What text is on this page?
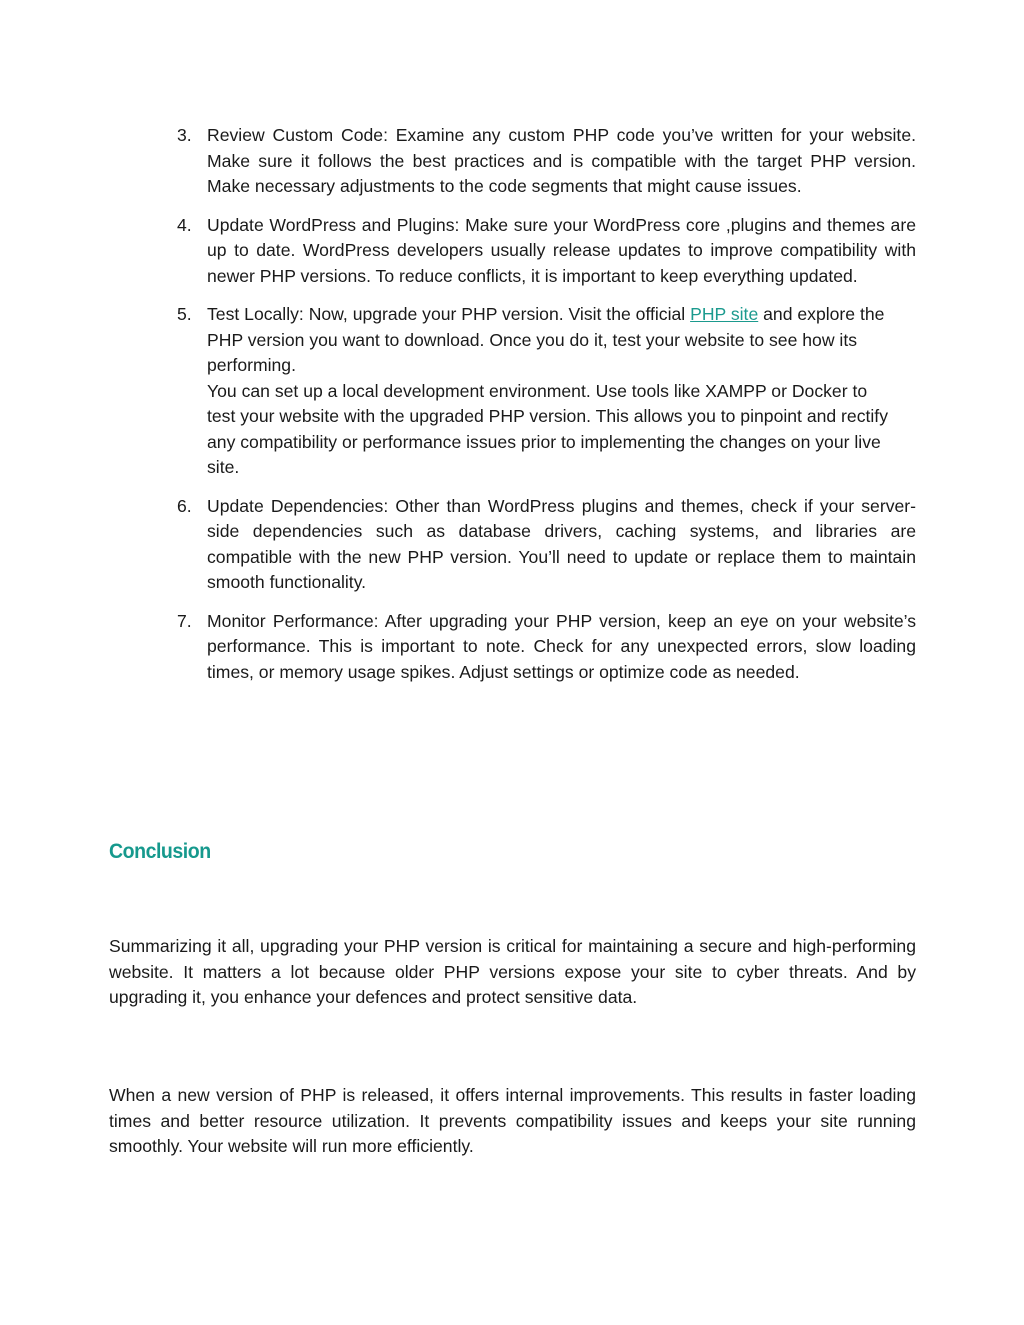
3. Review Custom Code: Examine any custom PHP code you’ve written for your website. Make sure it follows the best practices and is compatible with the target PHP version. Make necessary adjustments to the code segments that might cause issues.
4. Update WordPress and Plugins: Make sure your WordPress core ,plugins and themes are up to date. WordPress developers usually release updates to improve compatibility with newer PHP versions. To reduce conflicts, it is important to keep everything updated.
5. Test Locally: Now, upgrade your PHP version. Visit the official PHP site and explore the PHP version you want to download. Once you do it, test your website to see how its performing.
You can set up a local development environment. Use tools like XAMPP or Docker to test your website with the upgraded PHP version. This allows you to pinpoint and rectify any compatibility or performance issues prior to implementing the changes on your live site.
6. Update Dependencies: Other than WordPress plugins and themes, check if your server-side dependencies such as database drivers, caching systems, and libraries are compatible with the new PHP version. You’ll need to update or replace them to maintain smooth functionality.
7. Monitor Performance: After upgrading your PHP version, keep an eye on your website’s performance. This is important to note. Check for any unexpected errors, slow loading times, or memory usage spikes. Adjust settings or optimize code as needed.
Conclusion

Summarizing it all, upgrading your PHP version is critical for maintaining a secure and high-performing website. It matters a lot because older PHP versions expose your site to cyber threats. And by upgrading it, you enhance your defences and protect sensitive data.

When a new version of PHP is released, it offers internal improvements. This results in faster loading times and better resource utilization. It prevents compatibility issues and keeps your site running smoothly. Your website will run more efficiently.
